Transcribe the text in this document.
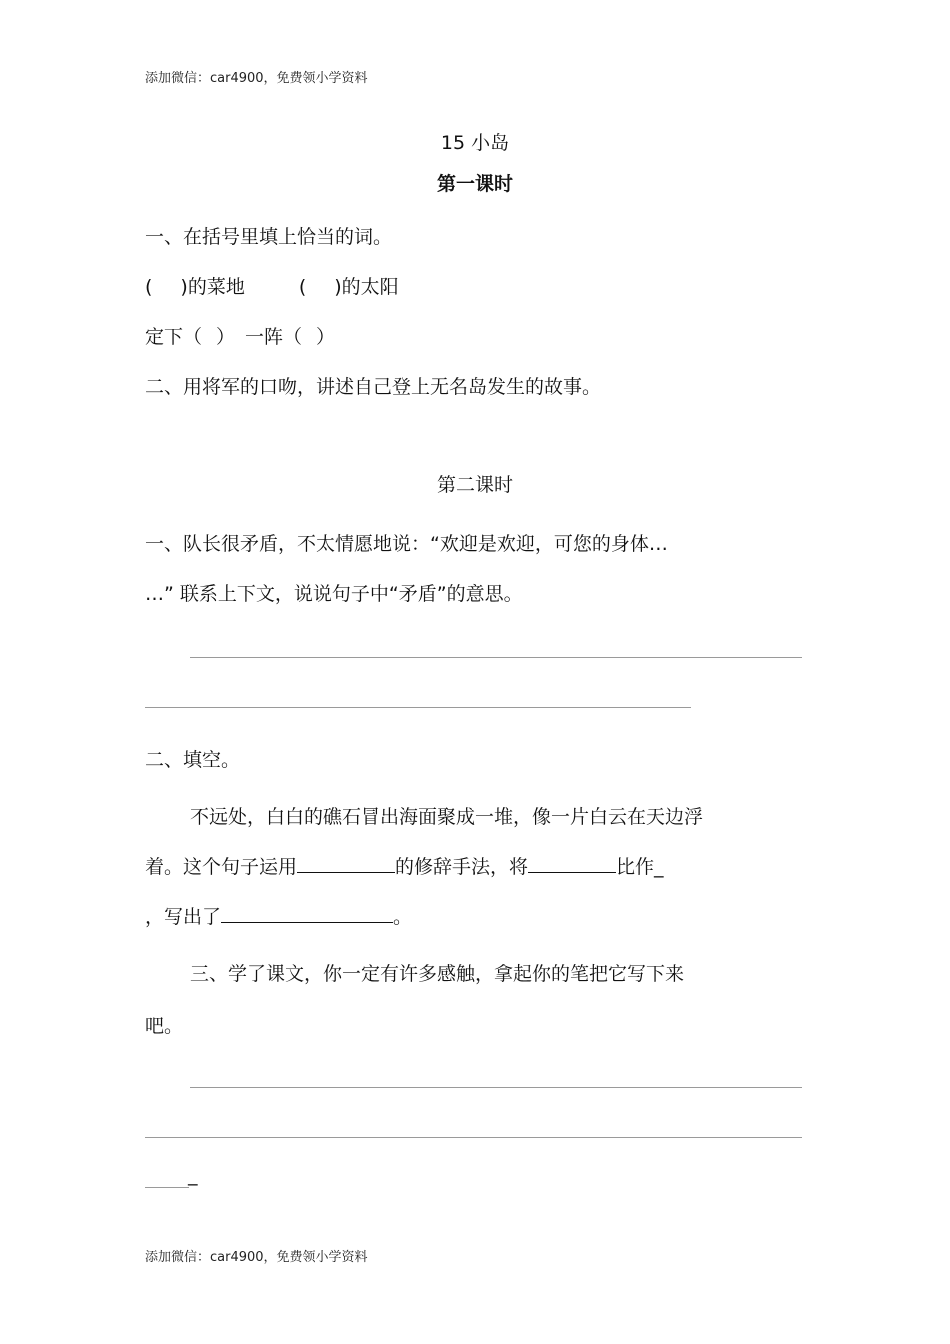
添加微信：car4900，免费领小学资料
15 小岛
第一课时
一、在括号里填上恰当的词。
( )的菜地	( )的太阳
定下（ ） 一阵（ ）
二、用将军的口吻，讲述自己登上无名岛发生的故事。
第二课时
一、队长很矛盾，不太情愿地说：“欢迎是欢迎，可您的身体…
…” 联系上下文，说说句子中“矛盾”的意思。
二、填空。
不远处，白白的礁石冒出海面聚成一堆，像一片白云在天边浮
着。这个句子运用	的修辞手法，将	比作_
，写出了	。
三、学了课文，你一定有许多感触，拿起你的笔把它写下来
吧。
_
添加微信：car4900，免费领小学资料
